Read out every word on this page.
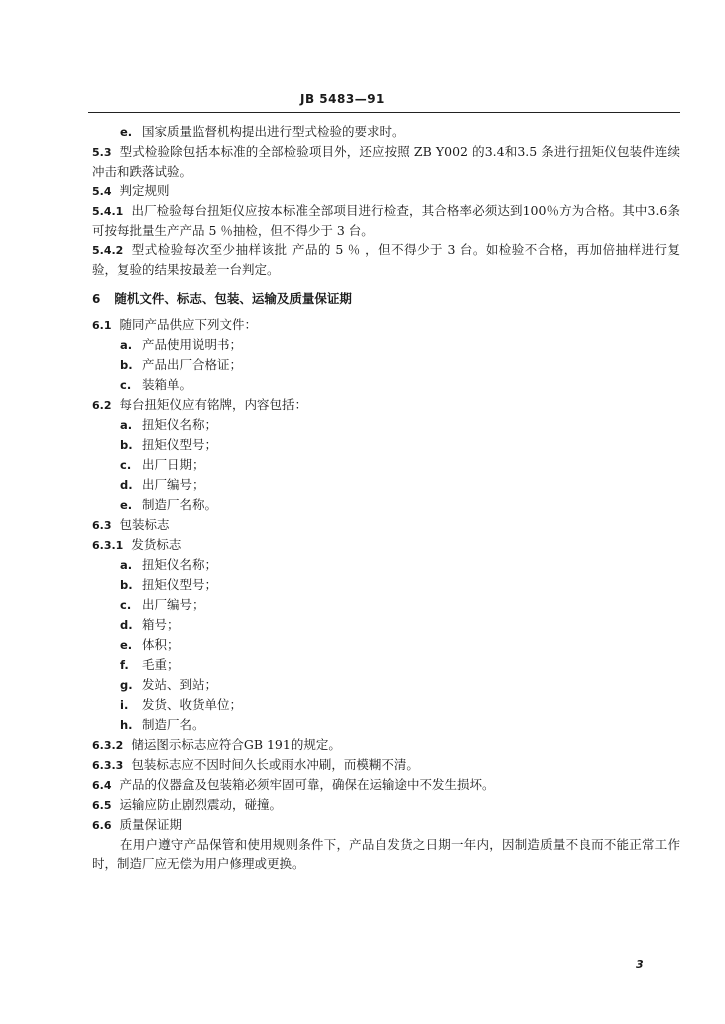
JB 5483—91
e. 国家质量监督机构提出进行型式检验的要求时。
5.3 型式检验除包括本标准的全部检验项目外，还应按照 ZB Y002 的3.4和3.5 条进行扭矩仪包装件连续冲击和跌落试验。
5.4 判定规则
5.4.1 出厂检验每台扭矩仪应按本标准全部项目进行检查，其合格率必须达到100％方为合格。其中3.6条可按每批量生产产品 5 ％抽检，但不得少于 3 台。
5.4.2 型式检验每次至少抽样该批 产品的 5 ％ ，但不得少于 3 台。如检验不合格，再加倍抽样进行复验，复验的结果按最差一台判定。
6 随机文件、标志、包装、运输及质量保证期
6.1 随同产品供应下列文件：
a. 产品使用说明书；
b. 产品出厂合格证；
c. 装箱单。
6.2 每台扭矩仪应有铭牌，内容包括：
a. 扭矩仪名称；
b. 扭矩仪型号；
c. 出厂日期；
d. 出厂编号；
e. 制造厂名称。
6.3 包装标志
6.3.1 发货标志
a. 扭矩仪名称；
b. 扭矩仪型号；
c. 出厂编号；
d. 箱号；
e. 体积；
f. 毛重；
g. 发站、到站；
i. 发货、收货单位；
h. 制造厂名。
6.3.2 储运图示标志应符合GB 191的规定。
6.3.3 包装标志应不因时间久长或雨水冲刷，而模糊不清。
6.4 产品的仪器盒及包装箱必须牢固可靠，确保在运输途中不发生损坏。
6.5 运输应防止剧烈震动，碰撞。
6.6 质量保证期
在用户遵守产品保管和使用规则条件下，产品自发货之日期一年内，因制造质量不良而不能正常工作时，制造厂应无偿为用户修理或更换。
3
